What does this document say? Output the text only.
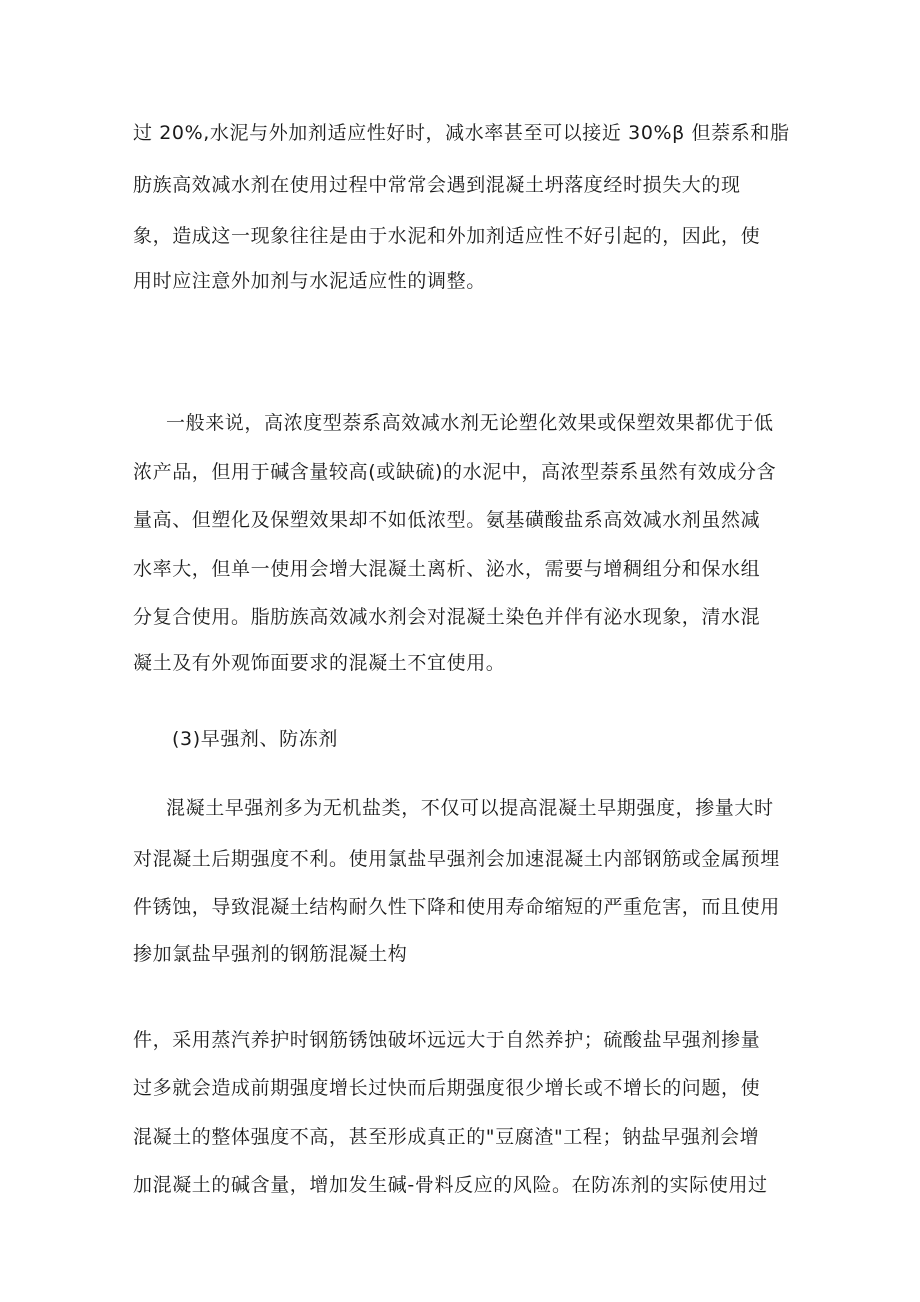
过 20%,水泥与外加剂适应性好时，减水率甚至可以接近 30%β 但萘系和脂
肪族高效减水剂在使用过程中常常会遇到混凝土坍落度经时损失大的现
象，造成这一现象往往是由于水泥和外加剂适应性不好引起的，因此，使
用时应注意外加剂与水泥适应性的调整。
一般来说，高浓度型萘系高效减水剂无论塑化效果或保塑效果都优于低
浓产品，但用于碱含量较高(或缺硫)的水泥中，高浓型萘系虽然有效成分含
量高、但塑化及保塑效果却不如低浓型。氨基磺酸盐系高效减水剂虽然减
水率大，但单一使用会增大混凝土离析、泌水，需要与增稠组分和保水组
分复合使用。脂肪族高效减水剂会对混凝土染色并伴有泌水现象，清水混
凝土及有外观饰面要求的混凝土不宜使用。
(3)早强剂、防冻剂
混凝土早强剂多为无机盐类，不仅可以提高混凝土早期强度，掺量大时
对混凝土后期强度不利。使用氯盐早强剂会加速混凝土内部钢筋或金属预埋
件锈蚀，导致混凝土结构耐久性下降和使用寿命缩短的严重危害，而且使用
掺加氯盐早强剂的钢筋混凝土构
件，采用蒸汽养护时钢筋锈蚀破坏远远大于自然养护；硫酸盐早强剂掺量
过多就会造成前期强度增长过快而后期强度很少增长或不增长的问题，使
混凝土的整体强度不高，甚至形成真正的"豆腐渣"工程；钠盐早强剂会增
加混凝土的碱含量，增加发生碱-骨料反应的风险。在防冻剂的实际使用过
